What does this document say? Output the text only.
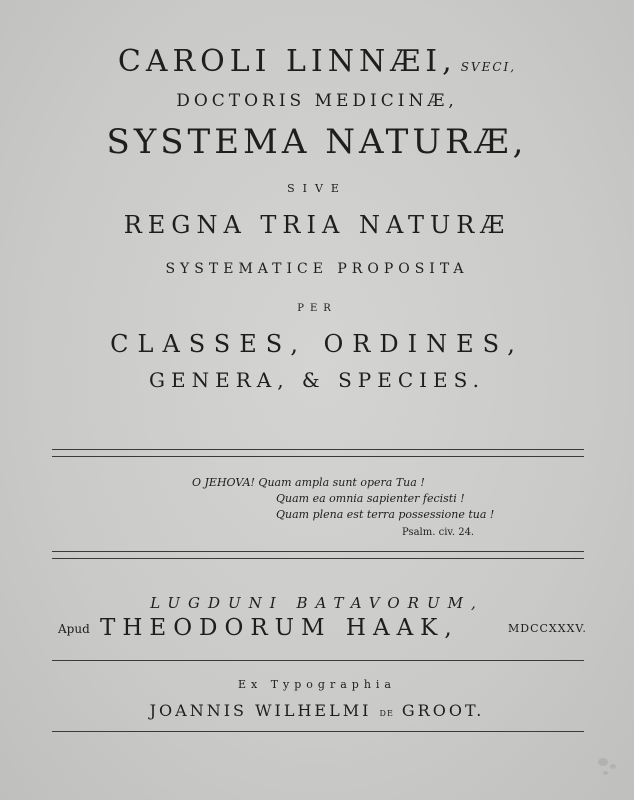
CAROLI LINNÆI, SVECI,
DOCTORIS MEDICINÆ,
SYSTEMA NATURÆ,
SIVE
REGNA TRIA NATURÆ
SYSTEMATICE PROPOSITA
PER
CLASSES, ORDINES,
GENERA, & SPECIES.
O JEHOVA! Quam ampla sunt opera Tua !
Quam ea omnia sapienter fecisti !
Quam plena est terra possessione tua !
Psalm. civ. 24.
LUGDUNI BATAVORUM,
Apud THEODORUM HAAK,	MDCCXXXV.
Ex Typographia
JOANNIS WILHELMI DE GROOT.
